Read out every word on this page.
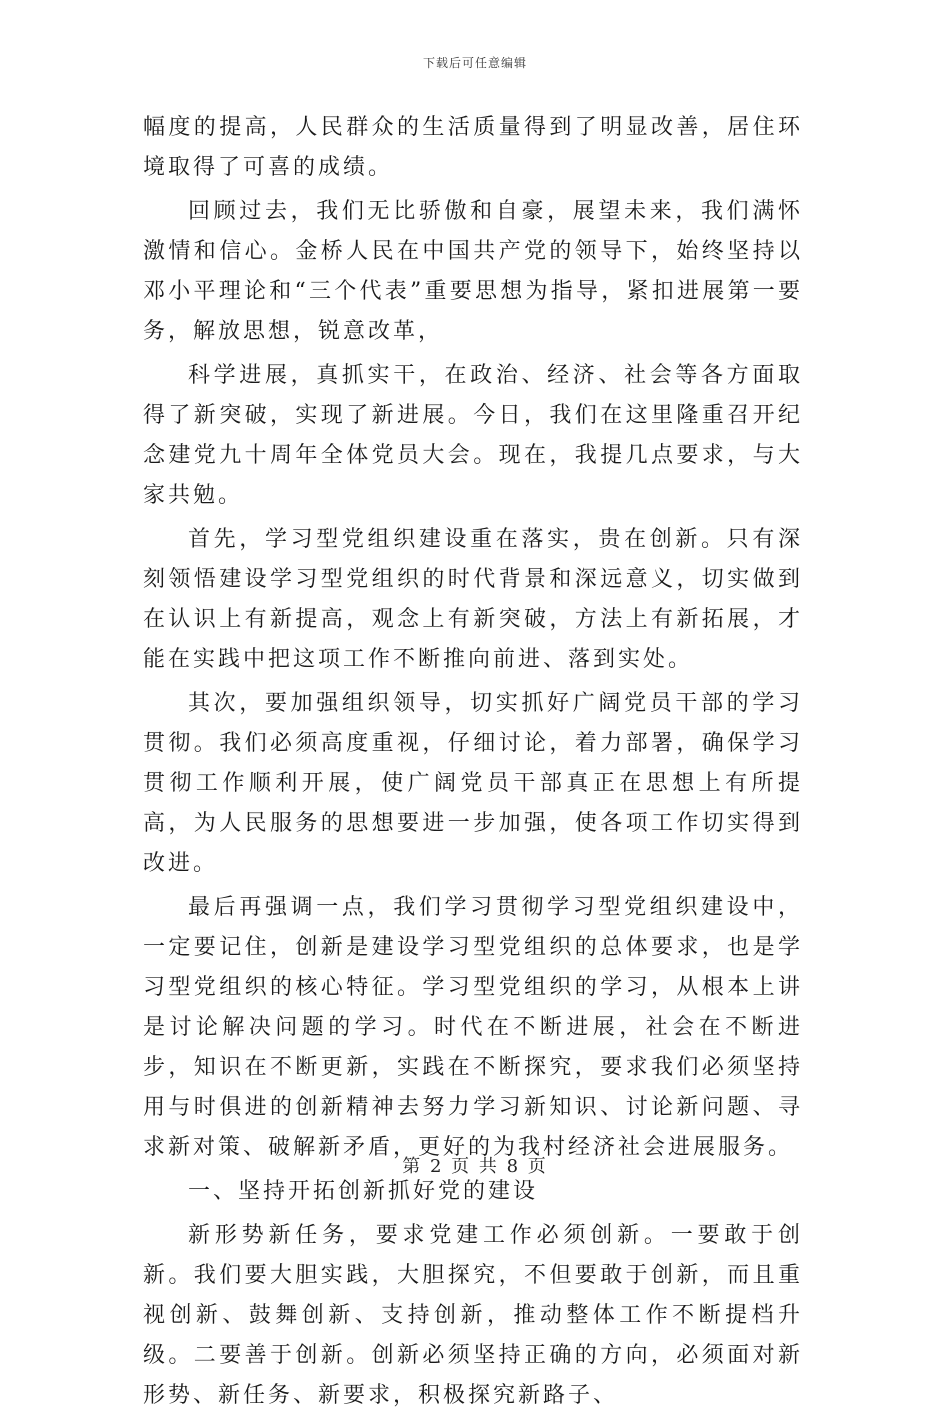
下载后可任意编辑

幅度的提高，人民群众的生活质量得到了明显改善，居住环境取得了可喜的成绩。

回顾过去，我们无比骄傲和自豪，展望未来，我们满怀激情和信心。金桥人民在中国共产党的领导下，始终坚持以邓小平理论和“三个代表”重要思想为指导，紧扣进展第一要务，解放思想，锐意改革，

科学进展，真抓实干，在政治、经济、社会等各方面取得了新突破，实现了新进展。今日，我们在这里隆重召开纪念建党九十周年全体党员大会。现在，我提几点要求，与大家共勉。

首先，学习型党组织建设重在落实，贵在创新。只有深刻领悟建设学习型党组织的时代背景和深远意义，切实做到在认识上有新提高，观念上有新突破，方法上有新拓展，才能在实践中把这项工作不断推向前进、落到实处。

其次，要加强组织领导，切实抓好广阔党员干部的学习贯彻。我们必须高度重视，仔细讨论，着力部署，确保学习贯彻工作顺利开展，使广阔党员干部真正在思想上有所提高，为人民服务的思想要进一步加强，使各项工作切实得到改进。

最后再强调一点，我们学习贯彻学习型党组织建设中，一定要记住，创新是建设学习型党组织的总体要求，也是学习型党组织的核心特征。学习型党组织的学习，从根本上讲是讨论解决问题的学习。时代在不断进展，社会在不断进步，知识在不断更新，实践在不断探究，要求我们必须坚持用与时俱进的创新精神去努力学习新知识、讨论新问题、寻求新对策、破解新矛盾，更好的为我村经济社会进展服务。

一、坚持开拓创新抓好党的建设

新形势新任务，要求党建工作必须创新。一要敢于创新。我们要大胆实践，大胆探究，不但要敢于创新，而且重视创新、鼓舞创新、支持创新，推动整体工作不断提档升级。二要善于创新。创新必须坚持正确的方向，必须面对新形势、新任务、新要求，积极探究新路子、

第 2 页 共 8 页
